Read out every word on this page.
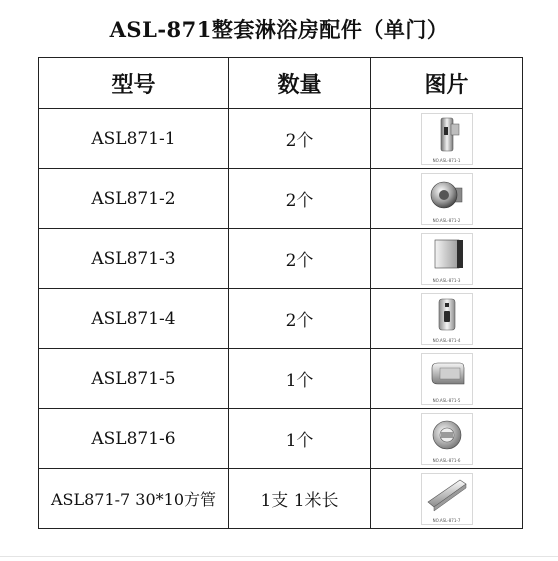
ASL-871整套淋浴房配件（单门）
型号	数量	图片
ASL871-1	2个	NO.ASL-871-1

ASL871-2	2个	NO.ASL-871-2

ASL871-3	2个	NO.ASL-871-3

ASL871-4	2个	NO.ASL-871-4

ASL871-5	1个	NO.ASL-871-5

ASL871-6	1个	NO.ASL-871-6

ASL871-7 30*10方管	1支 1米长	NO.ASL-871-7
